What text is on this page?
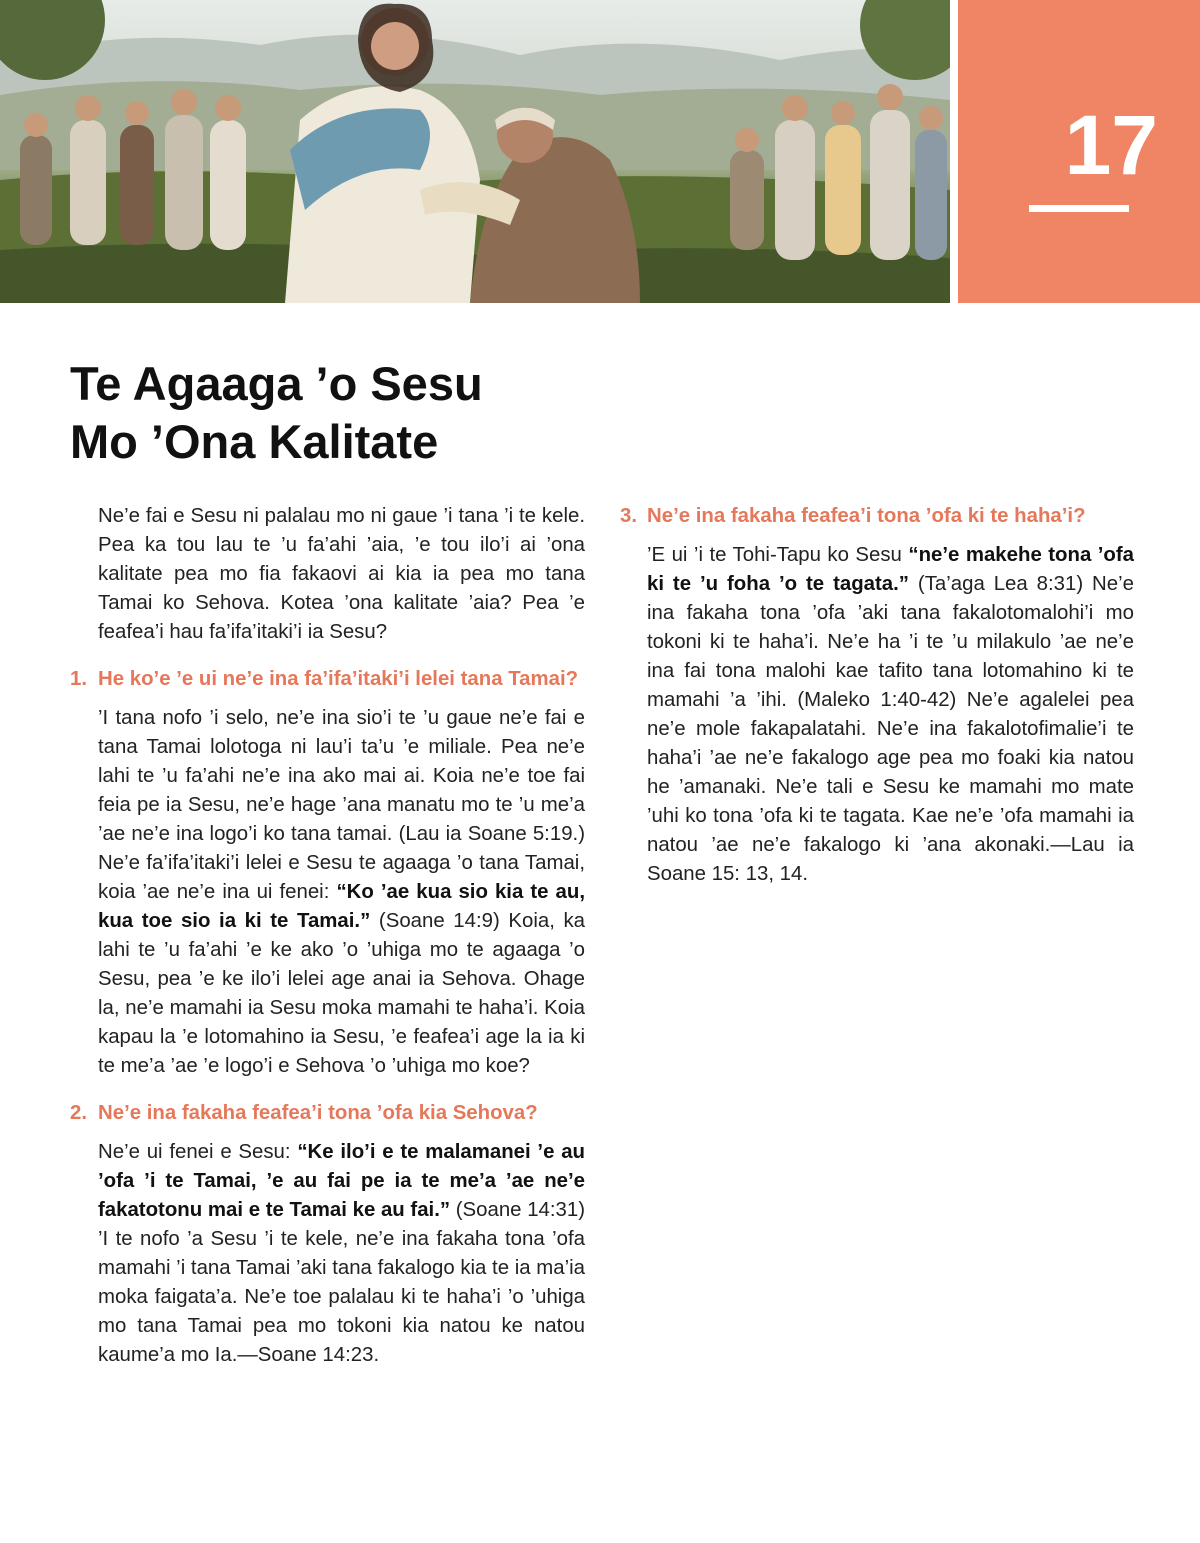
17
Te Agaaga ’o Sesu
Mo ’Ona Kalitate

Ne’e fai e Sesu ni palalau mo ni gaue ’i tana ’i te kele. Pea ka tou lau te ’u fa’ahi ’aia, ’e tou ilo’i ai ’ona kalitate pea mo fia fakaovi ai kia ia pea mo tana Tamai ko Sehova. Kotea ’ona kalitate ’aia? Pea ’e feafea’i hau fa’ifa’itaki’i ia Sesu?

1. He ko’e ’e ui ne’e ina fa’ifa’itaki’i lelei tana Tamai?

’I tana nofo ’i selo, ne’e ina sio’i te ’u gaue ne’e fai e tana Tamai lolotoga ni lau’i ta’u ’e miliale. Pea ne’e lahi te ’u fa’ahi ne’e ina ako mai ai. Koia ne’e toe fai feia pe ia Sesu, ne’e hage ’ana manatu mo te ’u me’a ’ae ne’e ina logo’i ko tana tamai. (Lau ia Soane 5:19.) Ne’e fa’ifa’itaki’i lelei e Sesu te agaaga ’o tana Tamai, koia ’ae ne’e ina ui fenei: “Ko ’ae kua sio kia te au, kua toe sio ia ki te Tamai.” (Soane 14:9) Koia, ka lahi te ’u fa’ahi ’e ke ako ’o ’uhiga mo te agaaga ’o Sesu, pea ’e ke ilo’i lelei age anai ia Sehova. Ohage la, ne’e mamahi ia Sesu moka mamahi te haha’i. Koia kapau la ’e lotomahino ia Sesu, ’e feafea’i age la ia ki te me’a ’ae ’e logo’i e Sehova ’o ’uhiga mo koe?

2. Ne’e ina fakaha feafea’i tona ’ofa kia Sehova?

Ne’e ui fenei e Sesu: “Ke ilo’i e te malamanei ’e au ’ofa ’i te Tamai, ’e au fai pe ia te me’a ’ae ne’e fakatotonu mai e te Tamai ke au fai.” (Soane 14:31) ’I te nofo ’a Sesu ’i te kele, ne’e ina fakaha tona ’ofa mamahi ’i tana Tamai ’aki tana fakalogo kia te ia ma’ia moka faigata’a. Ne’e toe palalau ki te haha’i ’o ’uhiga mo tana Tamai pea mo tokoni kia natou ke natou kaume’a mo Ia.—Soane 14:23.

3. Ne’e ina fakaha feafea’i tona ’ofa ki te haha’i?

’E ui ’i te Tohi-Tapu ko Sesu “ne’e makehe tona ’ofa ki te ’u foha ’o te tagata.” (Ta’aga Lea 8:31) Ne’e ina fakaha tona ’ofa ’aki tana fakalotomalohi’i mo tokoni ki te haha’i. Ne’e ha ’i te ’u milakulo ’ae ne’e ina fai tona malohi kae tafito tana lotomahino ki te mamahi ’a ’ihi. (Maleko 1:40-42) Ne’e agalelei pea ne’e mole fakapalatahi. Ne’e ina fakalotofimalie’i te haha’i ’ae ne’e fakalogo age pea mo foaki kia natou he ’amanaki. Ne’e tali e Sesu ke mamahi mo mate ’uhi ko tona ’ofa ki te tagata. Kae ne’e ’ofa mamahi ia natou ’ae ne’e fakalogo ki ’ana akonaki.—Lau ia Soane 15: 13, 14.
